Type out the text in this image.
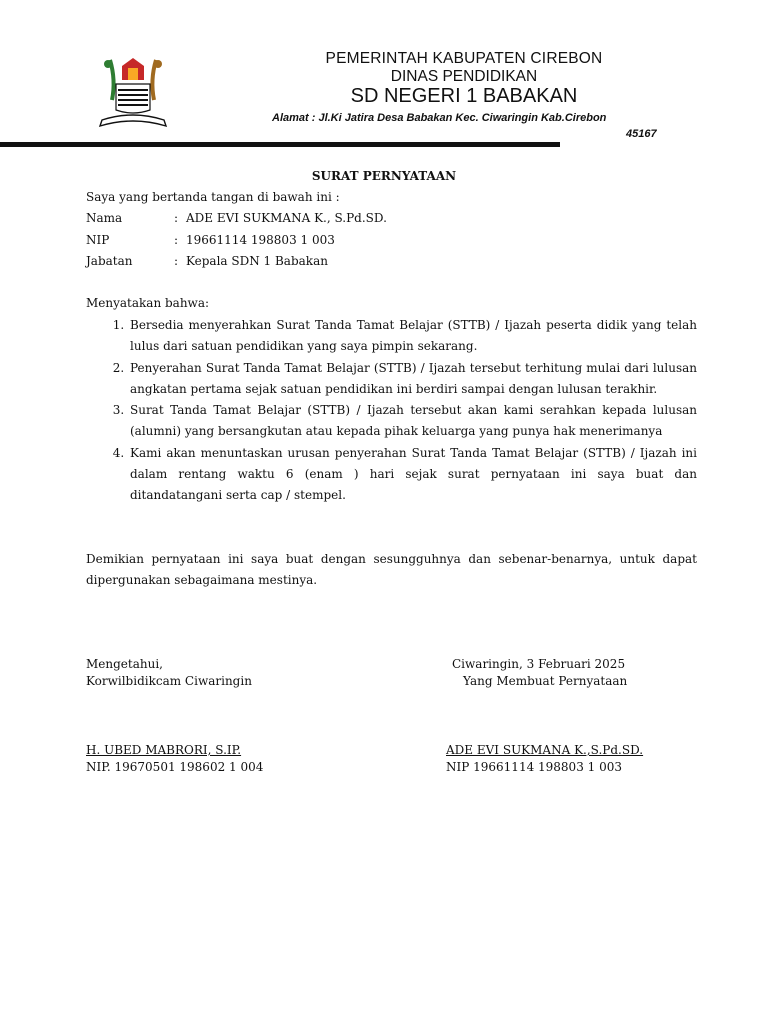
PEMERINTAH KABUPATEN CIREBON
DINAS PENDIDIKAN
SD NEGERI 1 BABAKAN
Alamat : Jl.Ki Jatira Desa Babakan Kec. Ciwaringin Kab.Cirebon
45167
SURAT PERNYATAAN
Saya yang bertanda tangan di bawah ini :
Nama	: ADE EVI SUKMANA K., S.Pd.SD.
NIP	: 19661114 198803 1 003
Jabatan	: Kepala SDN 1 Babakan
Menyatakan bahwa:
1. Bersedia menyerahkan Surat Tanda Tamat Belajar (STTB) / Ijazah peserta didik yang telah lulus dari satuan pendidikan yang saya pimpin sekarang.
2. Penyerahan Surat Tanda Tamat Belajar (STTB) / Ijazah tersebut terhitung mulai dari lulusan angkatan pertama sejak satuan pendidikan ini berdiri sampai dengan lulusan terakhir.
3. Surat Tanda Tamat Belajar (STTB) / Ijazah tersebut akan kami serahkan kepada lulusan (alumni) yang bersangkutan atau kepada pihak keluarga yang punya hak menerimanya
4. Kami akan menuntaskan urusan penyerahan Surat Tanda Tamat Belajar (STTB) / Ijazah ini dalam rentang waktu 6 (enam ) hari sejak surat pernyataan ini saya buat dan ditandatangani serta cap / stempel.
Demikian pernyataan ini saya buat dengan sesungguhnya dan sebenar-benarnya, untuk dapat dipergunakan sebagaimana mestinya.
Mengetahui,
Korwilbidikcam Ciwaringin
H. UBED MABRORI, S.IP.
NIP. 19670501 198602 1 004
Ciwaringin, 3 Februari 2025
Yang Membuat Pernyataan
ADE EVI SUKMANA K.,S.Pd.SD.
NIP 19661114 198803 1 003
